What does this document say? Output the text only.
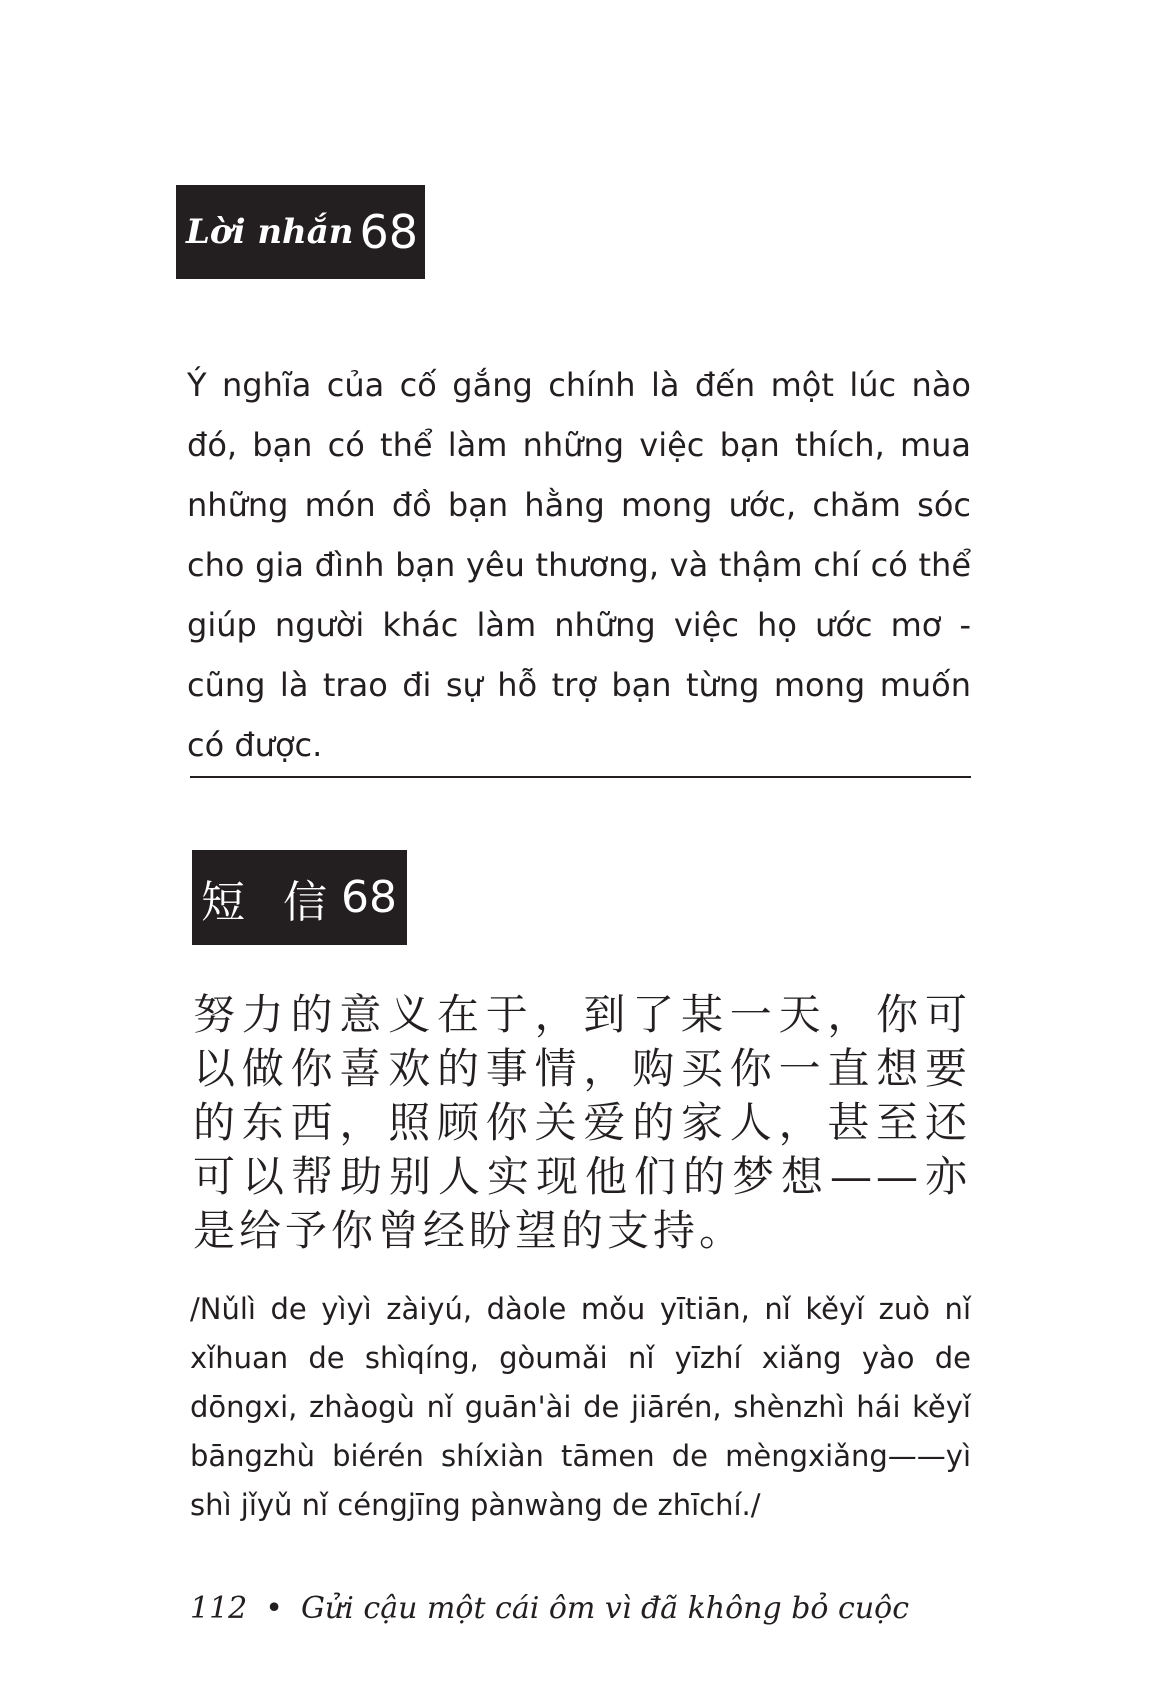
Lời nhắn 68

Ý nghĩa của cố gắng chính là đến một lúc nào đó, bạn có thể làm những việc bạn thích, mua những món đồ bạn hằng mong ước, chăm sóc cho gia đình bạn yêu thương, và thậm chí có thể giúp người khác làm những việc họ ước mơ - cũng là trao đi sự hỗ trợ bạn từng mong muốn có được.

短 信 68

努力的意义在于，到了某一天，你可以做你喜欢的事情，购买你一直想要的东西，照顾你关爱的家人，甚至还可以帮助别人实现他们的梦想——亦是给予你曾经盼望的支持。

/Nǔlì de yìyì zàiyú, dàole mǒu yītiān, nǐ kěyǐ zuò nǐ xǐhuan de shìqíng, gòumǎi nǐ yīzhí xiǎng yào de dōngxi, zhàogù nǐ guān'ài de jiārén, shènzhì hái kěyǐ bāngzhù biérén shíxiàn tāmen de mèngxiǎng——yì shì jǐyǔ nǐ céngjīng pànwàng de zhīchí./

112 • Gửi cậu một cái ôm vì đã không bỏ cuộc
